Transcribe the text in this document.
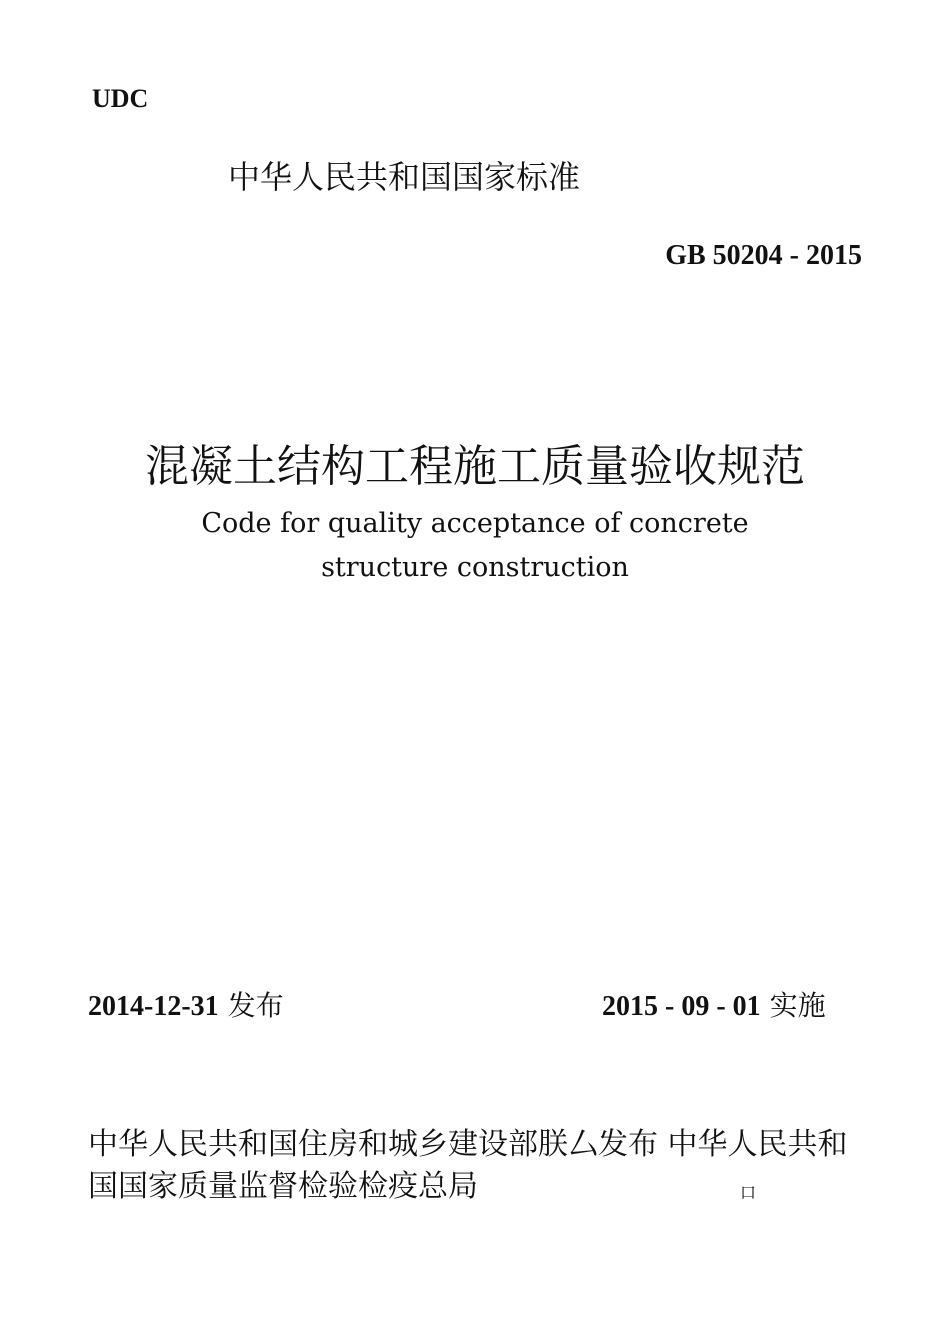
UDC
中华人民共和国国家标准
GB 50204 - 2015
混凝土结构工程施工质量验收规范
Code for quality acceptance of concrete
structure construction
2014-12-31 发布	2015 - 09 - 01 实施
中华人民共和国住房和城乡建设部朕厶发布 中华人民共和
国国家质量监督检验检疫总局	口
